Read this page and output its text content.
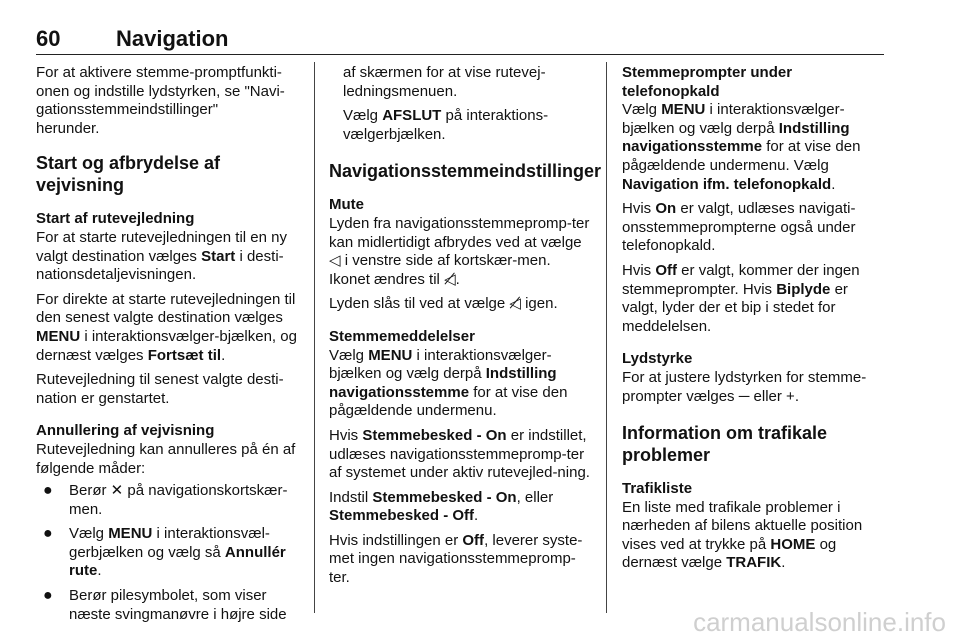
60	Navigation

For at aktivere stemme-promptfunkti-
onen og indstille lydstyrken, se "Navi-
gationsstemmeindstillinger"
herunder.

Start og afbrydelse af vejvisning
Start af rutevejledning

For at starte rutevejledningen til en ny valgt destination vælges Start i desti-nationsdetaljevisningen.

For direkte at starte rutevejledningen til den senest valgte destination vælges MENU i interaktionsvælger-bjælken, og dernæst vælges Fortsæt til.

Rutevejledning til senest valgte desti-nation er genstartet.

Annullering af vejvisning

Rutevejledning kan annulleres på én af følgende måder:

● Berør ✕ på navigationskortskær-men.
● Vælg MENU i interaktionsvæl-gerbjælken og vælg så Annullér rute.
● Berør pilesymbolet, som viser næste svingmanøvre i højre side

af skærmen for at vise rutevej-ledningsmenuen.

Vælg AFSLUT på interaktions-vælgerbjælken.

Navigationsstemmeindstillinger
Mute

Lyden fra navigationsstemmepromp-ter kan midlertidigt afbrydes ved at vælge ◁ i venstre side af kortskær-men. Ikonet ændres til ◁̸.

Lyden slås til ved at vælge ◁̸ igen.

Stemmemeddelelser

Vælg MENU i interaktionsvælger-bjælken og vælg derpå Indstilling navigationsstemme for at vise den pågældende undermenu.

Hvis Stemmebesked - On er indstillet, udlæses navigationsstemmepromp-ter af systemet under aktiv rutevejled-ning.

Indstil Stemmebesked - On, eller Stemmebesked - Off.

Hvis indstillingen er Off, leverer syste-met ingen navigationsstemmepromp-ter.

Stemmeprompter under telefonopkald

Vælg MENU i interaktionsvælger-bjælken og vælg derpå Indstilling navigationsstemme for at vise den pågældende undermenu. Vælg Navigation ifm. telefonopkald.

Hvis On er valgt, udlæses navigati-onsstemmeprompterne også under telefonopkald.

Hvis Off er valgt, kommer der ingen stemmeprompter. Hvis Biplyde er valgt, lyder der et bip i stedet for meddelelsen.

Lydstyrke

For at justere lydstyrken for stemme-prompter vælges ─ eller +.

Information om trafikale problemer
Trafikliste

En liste med trafikale problemer i nærheden af bilens aktuelle position vises ved at trykke på HOME og dernæst vælge TRAFIK.

carmanualsonline.info
